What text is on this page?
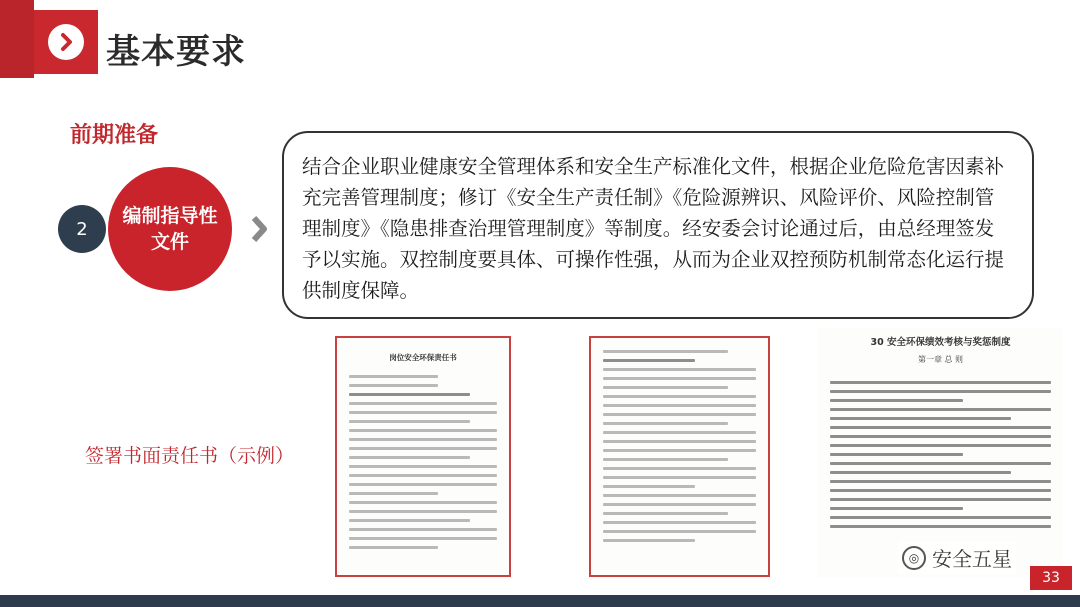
基本要求
前期准备
2
编制指导性文件

结合企业职业健康安全管理体系和安全生产标准化文件，根据企业危险危害因素补充完善管理制度；修订《安全生产责任制》《危险源辨识、风险评价、风险控制管理制度》《隐患排查治理管理制度》等制度。经安委会讨论通过后，由总经理签发予以实施。双控制度要具体、可操作性强，从而为企业双控预防机制常态化运行提供制度保障。

签署书面责任书（示例）
岗位安全环保责任书
30 安全环保绩效考核与奖惩制度
第一章 总 则
◎ 安全五星
33
